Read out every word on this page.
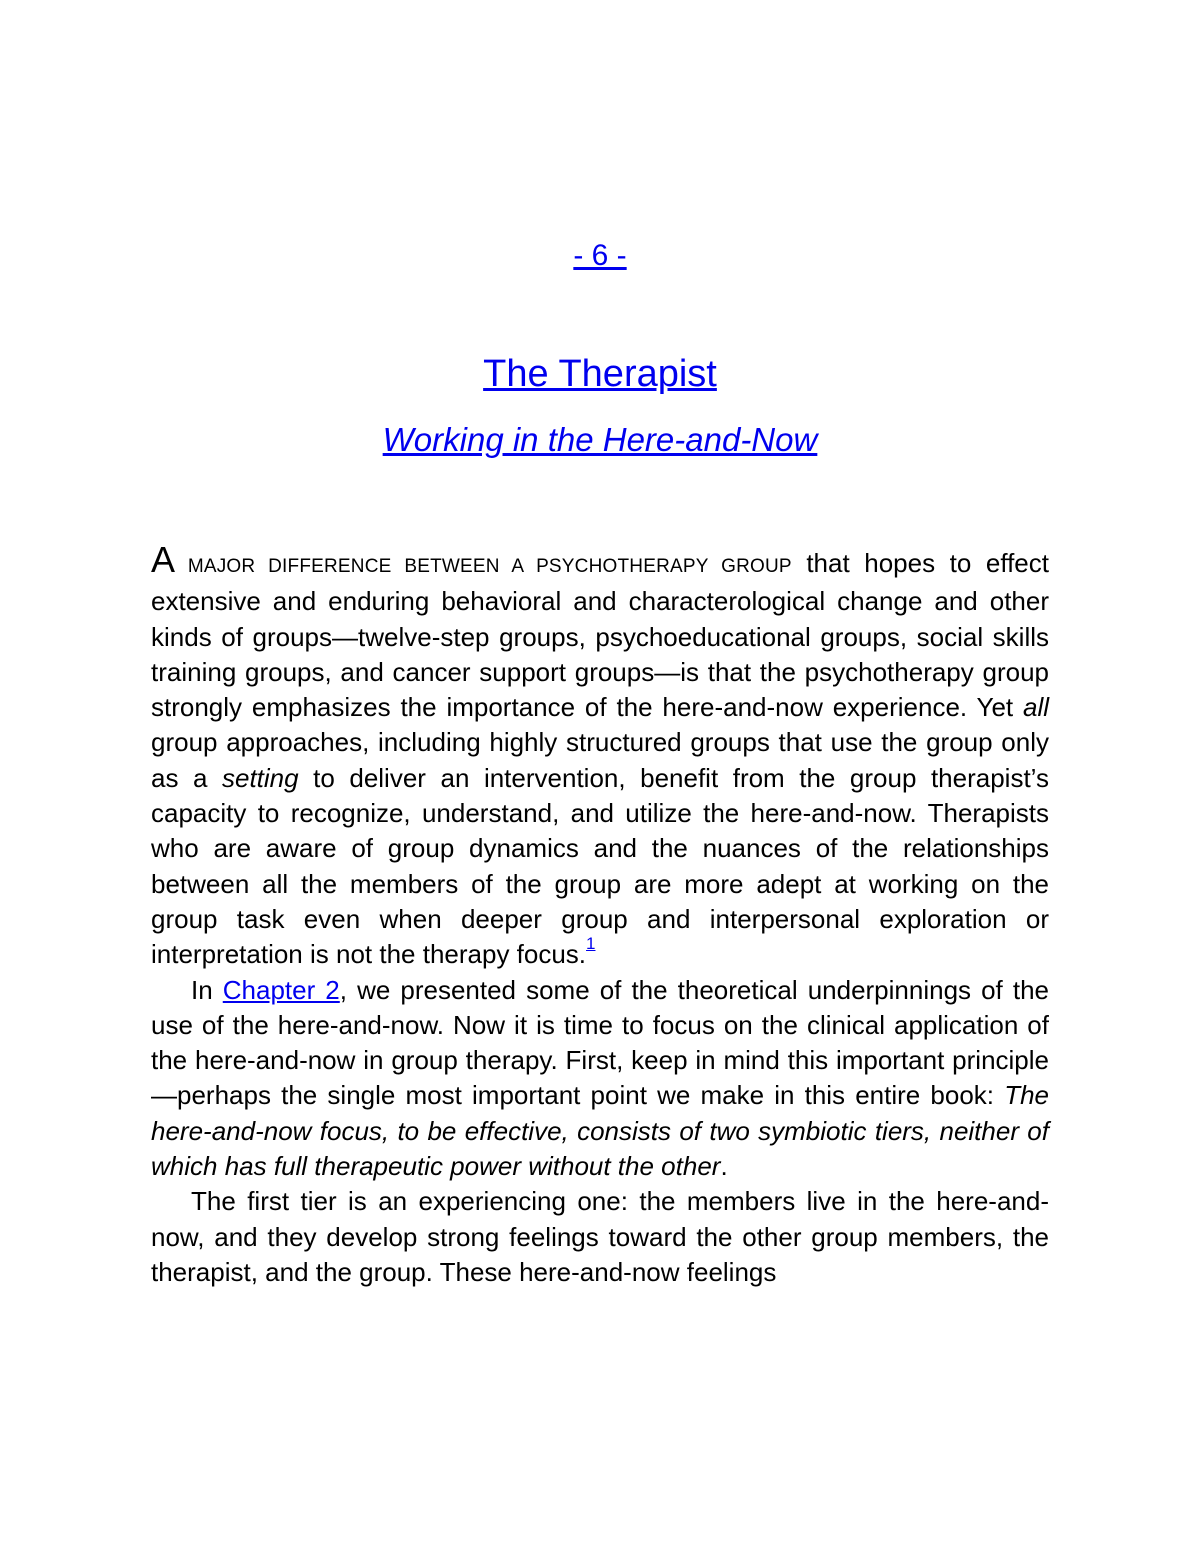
- 6 -
The Therapist
Working in the Here-and-Now

A MAJOR DIFFERENCE BETWEEN A PSYCHOTHERAPY GROUP that hopes to effect extensive and enduring behavioral and characterological change and other kinds of groups—twelve-step groups, psychoeducational groups, social skills training groups, and cancer support groups—is that the psychotherapy group strongly emphasizes the importance of the here-and-now experience. Yet all group approaches, including highly structured groups that use the group only as a setting to deliver an intervention, benefit from the group therapist’s capacity to recognize, understand, and utilize the here-and-now. Therapists who are aware of group dynamics and the nuances of the relationships between all the members of the group are more adept at working on the group task even when deeper group and interpersonal exploration or interpretation is not the therapy focus.$^1$

In Chapter 2, we presented some of the theoretical underpinnings of the use of the here-and-now. Now it is time to focus on the clinical application of the here-and-now in group therapy. First, keep in mind this important principle—perhaps the single most important point we make in this entire book: The here-and-now focus, to be effective, consists of two symbiotic tiers, neither of which has full therapeutic power without the other.

The first tier is an experiencing one: the members live in the here-and-now, and they develop strong feelings toward the other group members, the therapist, and the group. These here-and-now feelings
